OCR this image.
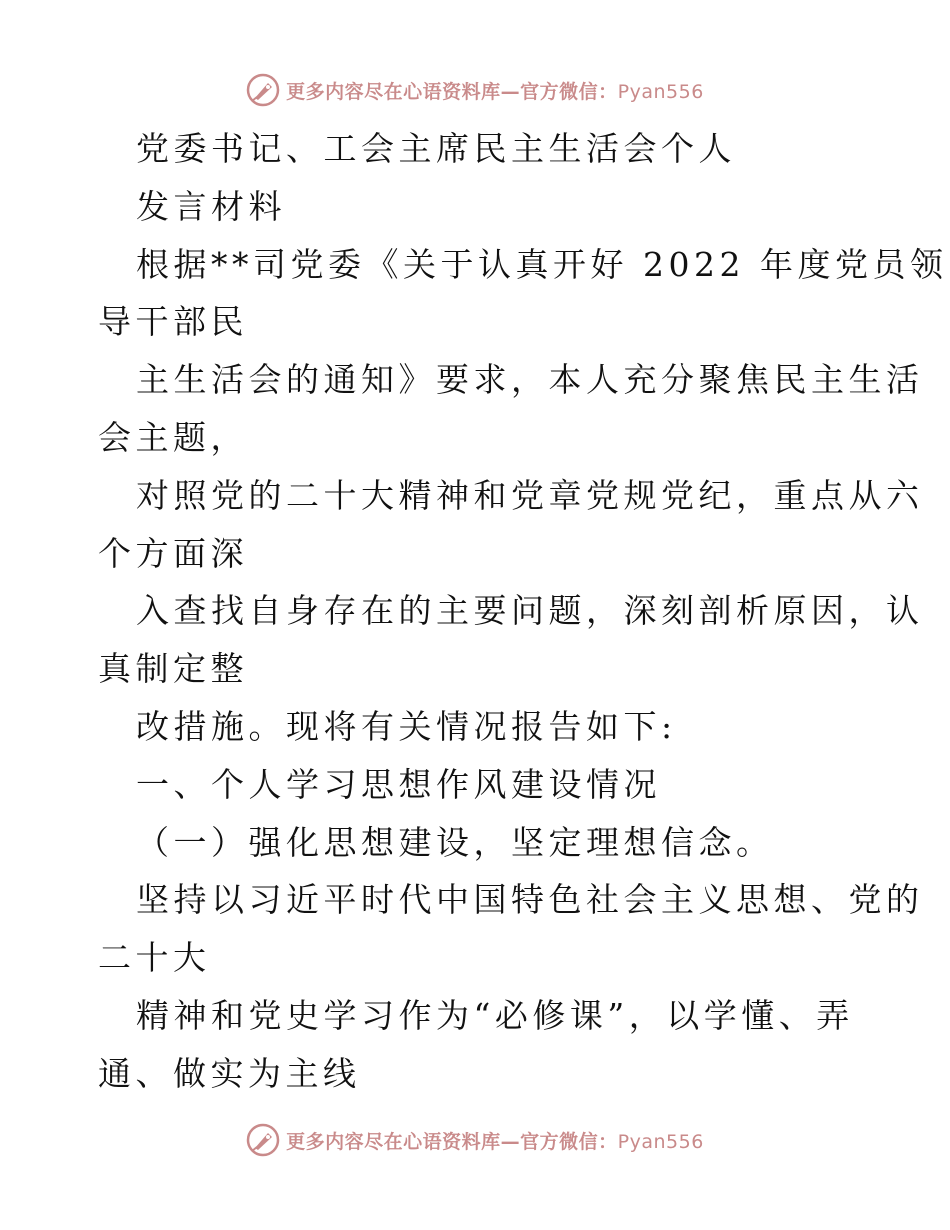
更多内容尽在心语资料库—官方微信：Pyan556
党委书记、工会主席民主生活会个人
发言材料
根据**司党委《关于认真开好 2022 年度党员领
导干部民
主生活会的通知》要求，本人充分聚焦民主生活
会主题，
对照党的二十大精神和党章党规党纪，重点从六
个方面深
入查找自身存在的主要问题，深刻剖析原因，认
真制定整
改措施。现将有关情况报告如下:
一、个人学习思想作风建设情况
（一）强化思想建设，坚定理想信念。
坚持以习近平时代中国特色社会主义思想、党的
二十大
精神和党史学习作为“必修课”，以学懂、弄
通、做实为主线
更多内容尽在心语资料库—官方微信：Pyan556
